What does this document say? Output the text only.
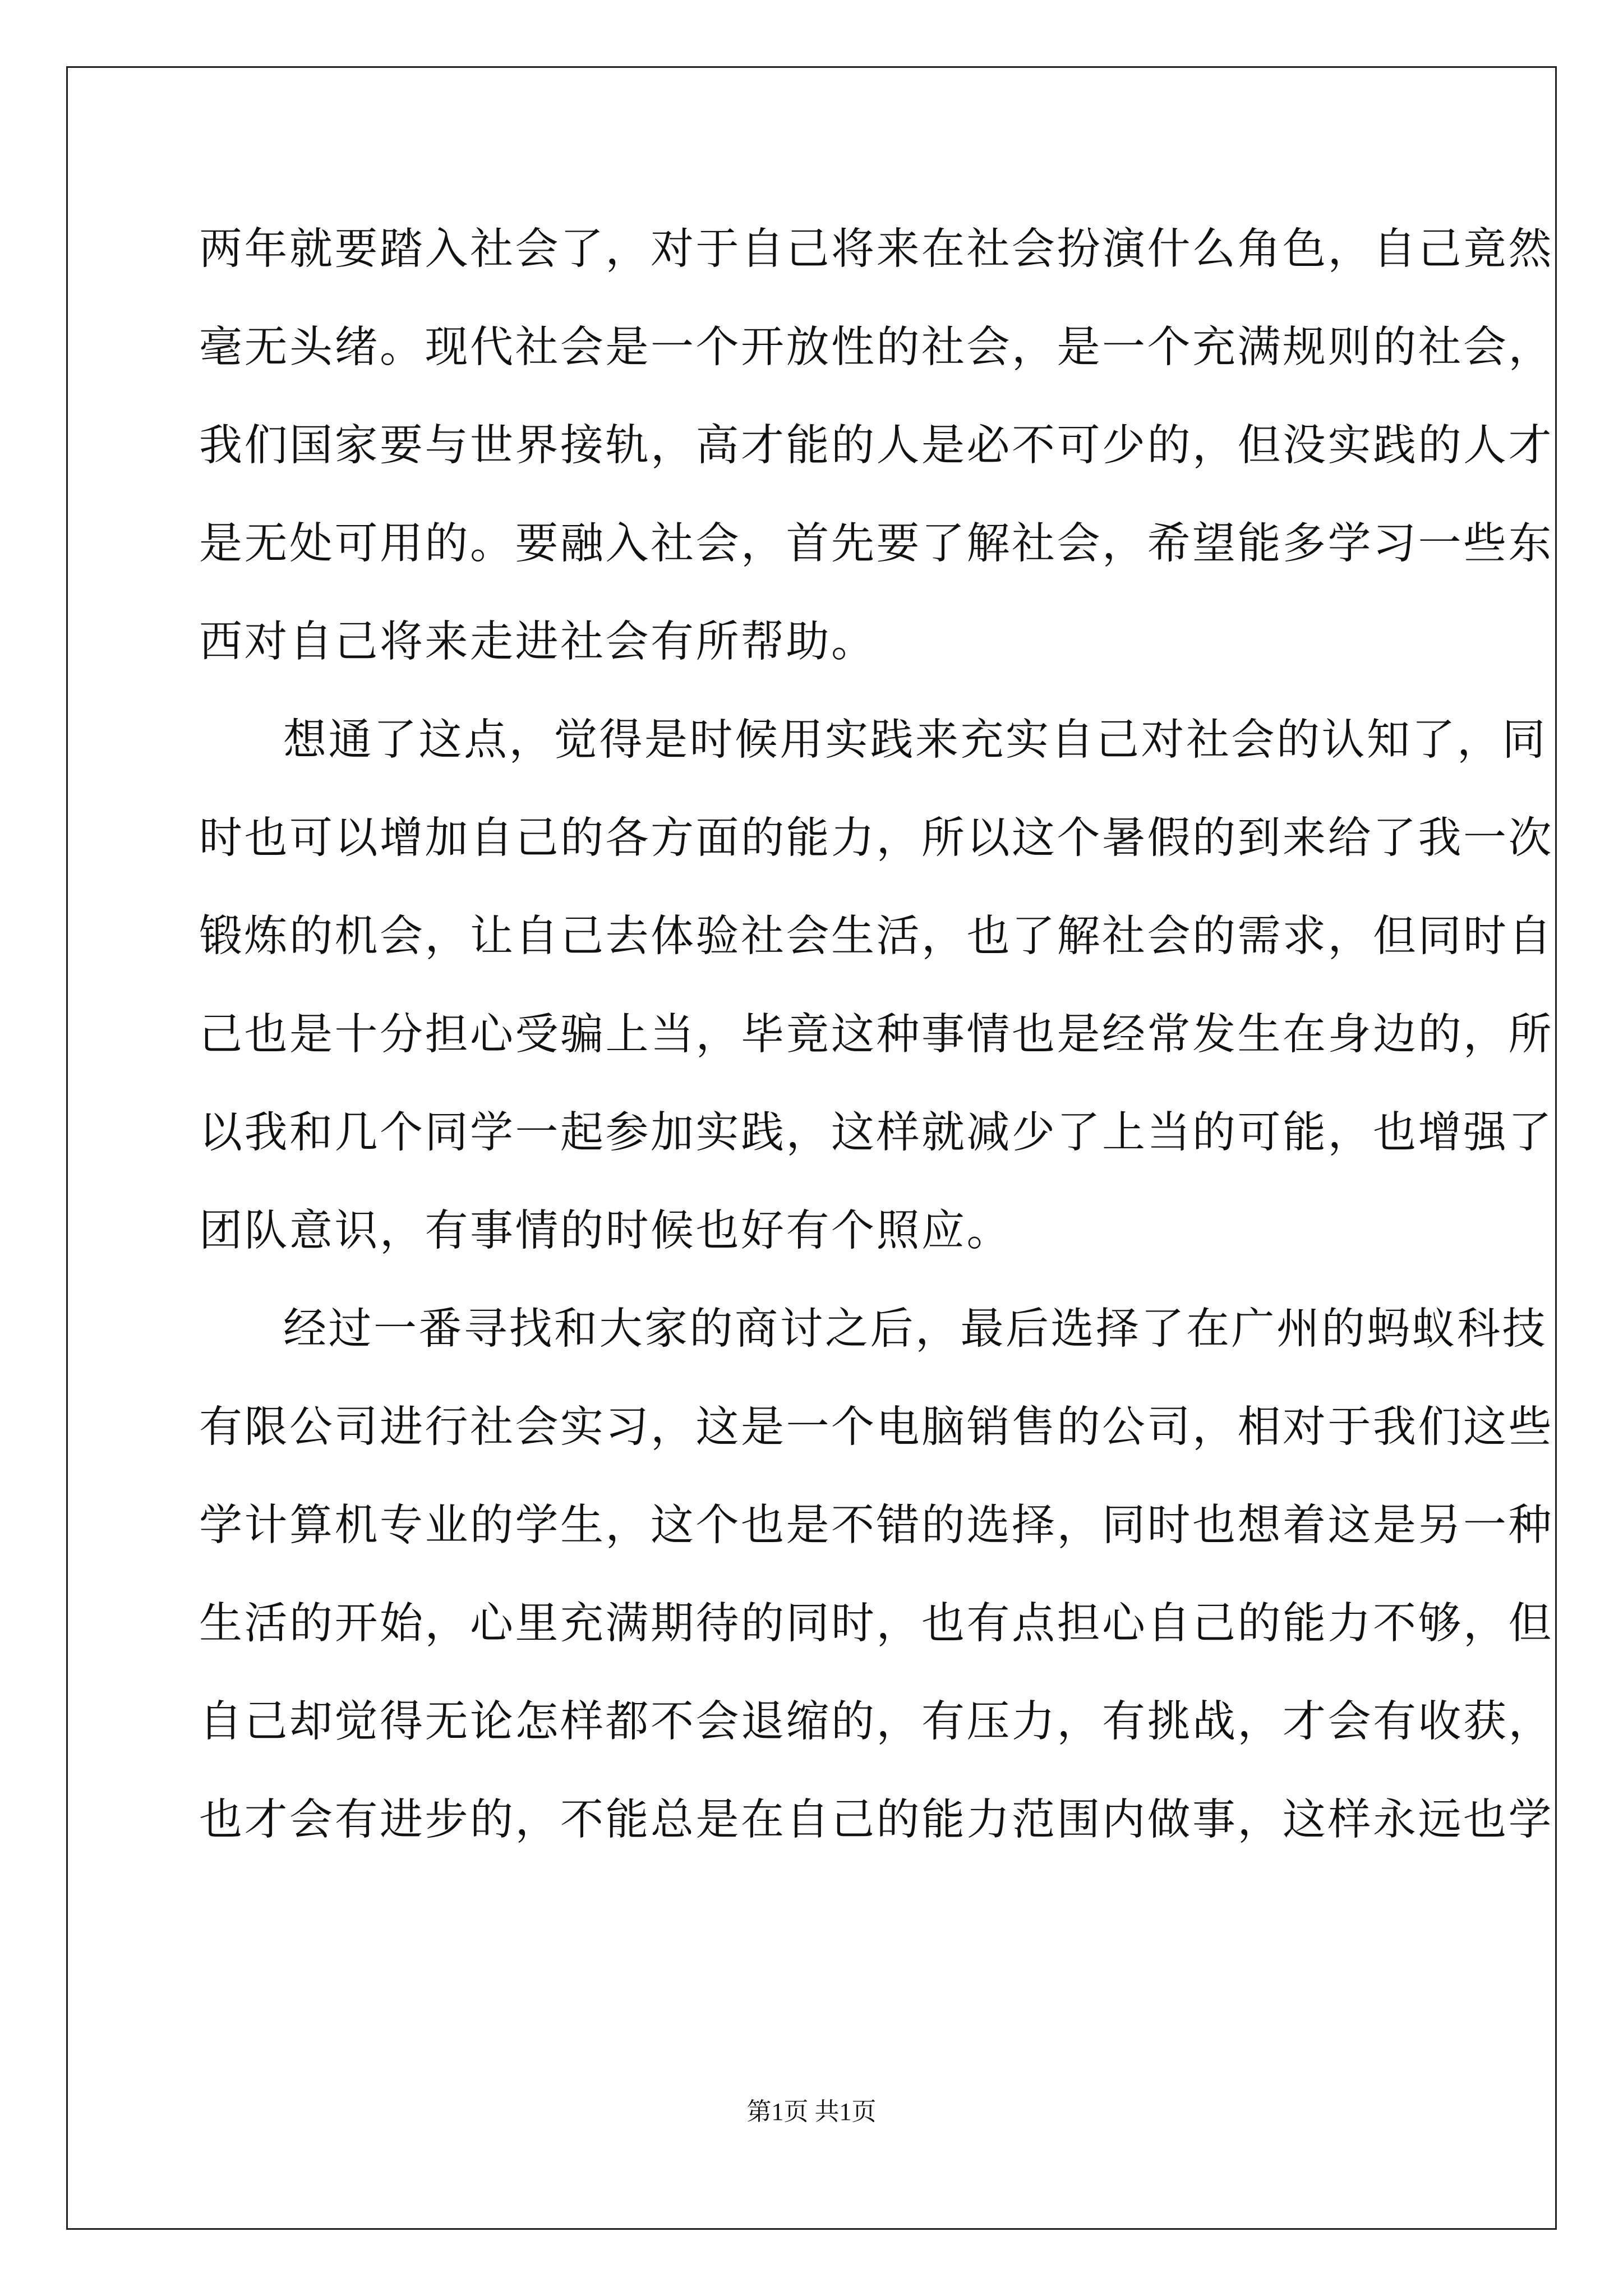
两年就要踏入社会了，对于自己将来在社会扮演什么角色，自己竟然
毫无头绪。现代社会是一个开放性的社会，是一个充满规则的社会，
我们国家要与世界接轨，高才能的人是必不可少的，但没实践的人才
是无处可用的。要融入社会，首先要了解社会，希望能多学习一些东
西对自己将来走进社会有所帮助。
想通了这点，觉得是时候用实践来充实自己对社会的认知了，同
时也可以增加自己的各方面的能力，所以这个暑假的到来给了我一次
锻炼的机会，让自己去体验社会生活，也了解社会的需求，但同时自
己也是十分担心受骗上当，毕竟这种事情也是经常发生在身边的，所
以我和几个同学一起参加实践，这样就减少了上当的可能，也增强了
团队意识，有事情的时候也好有个照应。
经过一番寻找和大家的商讨之后，最后选择了在广州的蚂蚁科技
有限公司进行社会实习，这是一个电脑销售的公司，相对于我们这些
学计算机专业的学生，这个也是不错的选择，同时也想着这是另一种
生活的开始，心里充满期待的同时，也有点担心自己的能力不够，但
自己却觉得无论怎样都不会退缩的，有压力，有挑战，才会有收获，
也才会有进步的，不能总是在自己的能力范围内做事，这样永远也学
第1页 共1页
